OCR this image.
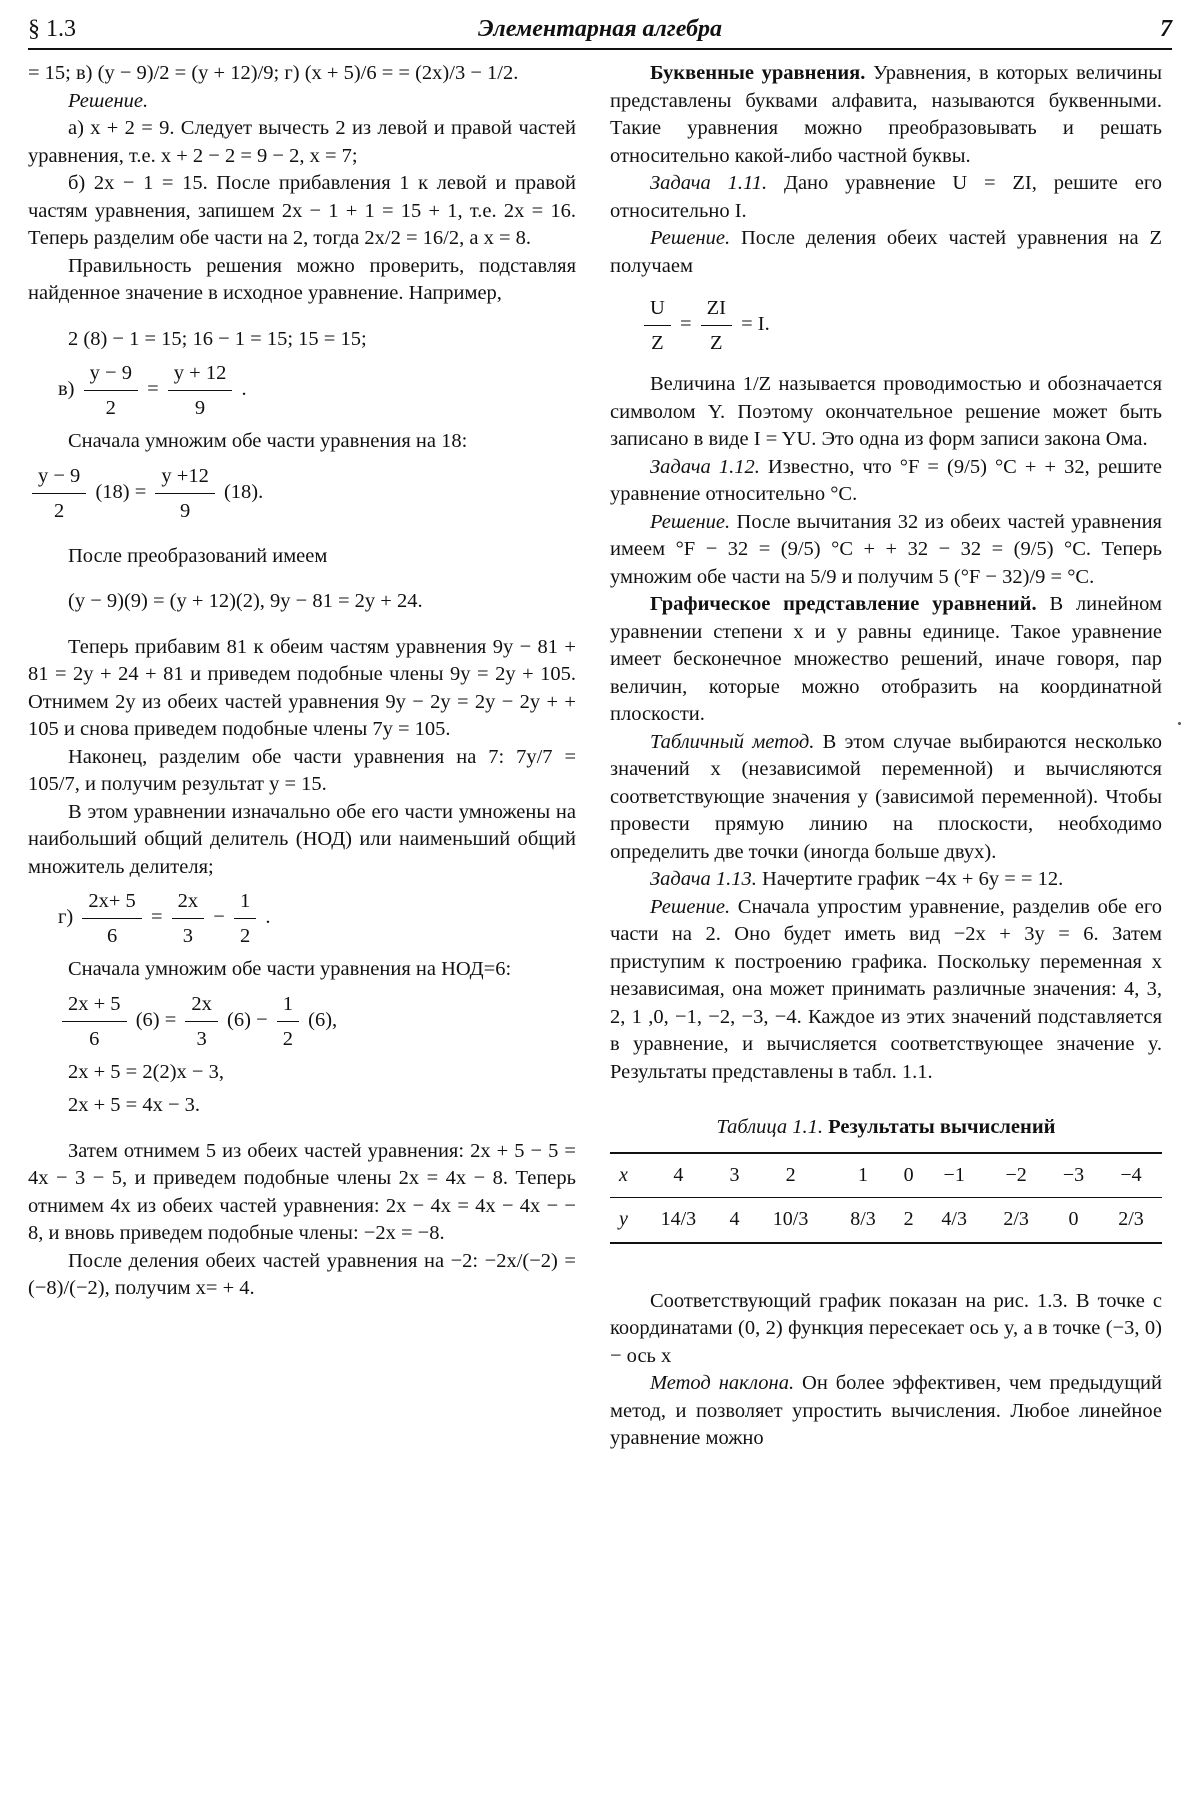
§ 1.3	Элементарная алгебра	7

= 15; в) (y − 9)/2 = (y + 12)/9; г) (x + 5)/6 = = (2x)/3 − 1/2.

Решение.

а) x + 2 = 9. Следует вычесть 2 из левой и правой частей уравнения, т.е. x + 2 − 2 = 9 − 2, x = 7;

б) 2x − 1 = 15. После прибавления 1 к левой и правой частям уравнения, запишем 2x − 1 + 1 = 15 + 1, т.е. 2x = 16. Теперь разделим обе части на 2, тогда 2x/2 = 16/2, а x = 8.

Правильность решения можно проверить, подставляя найденное значение в исходное уравнение. Например,

2 (8) − 1 = 15; 16 − 1 = 15; 15 = 15;
$в) \frac{y - 9}{2} = \frac{y + 12}{9}$ .

Сначала умножим обе части уравнения на 18:

$\frac{y - 9}{2} (18) = \frac{y +12}{9} (18)$.

После преобразований имеем

(y − 9)(9) = (y + 12)(2), 9y − 81 = 2y + 24.

Теперь прибавим 81 к обеим частям уравнения 9y − 81 + 81 = 2y + 24 + 81 и приведем подобные члены 9y = 2y + 105. Отнимем 2y из обеих частей уравнения 9y − 2y = 2y − 2y + + 105 и снова приведем подобные члены 7y = 105.

Наконец, разделим обе части уравнения на 7: 7y/7 = 105/7, и получим результат y = 15.

В этом уравнении изначально обе его части умножены на наибольший общий делитель (НОД) или наименьший общий множитель делителя;

$г) \frac{2x+ 5}{6} = \frac{2x}{3} - \frac{1}{2}$ .

Сначала умножим обе части уравнения на НОД=6:

$\frac{2x + 5}{6} (6) = \frac{2x}{3} (6) - \frac{1}{2} (6)$,
2x + 5 = 2(2)x − 3,
2x + 5 = 4x − 3.

Затем отнимем 5 из обеих частей уравнения: 2x + 5 − 5 = 4x − 3 − 5, и приведем подобные члены 2x = 4x − 8. Теперь отнимем 4x из обеих частей уравнения: 2x − 4x = 4x − 4x − − 8, и вновь приведем подобные члены: −2x = −8.

После деления обеих частей уравнения на −2: −2x/(−2) = (−8)/(−2), получим x= + 4.

Буквенные уравнения. Уравнения, в которых величины представлены буквами алфавита, называются буквенными. Такие уравнения можно преобразовывать и решать относительно какой-либо частной буквы.

Задача 1.11. Дано уравнение U = ZI, решите его относительно I.

Решение. После деления обеих частей уравнения на Z получаем

$\frac{U}{Z} = \frac{ZI}{Z} = I$.

Величина 1/Z называется проводимостью и обозначается символом Y. Поэтому окончательное решение может быть записано в виде I = YU. Это одна из форм записи закона Ома.

Задача 1.12. Известно, что °F = (9/5) °C + + 32, решите уравнение относительно °C.

Решение. После вычитания 32 из обеих частей уравнения имеем °F − 32 = (9/5) °C + + 32 − 32 = (9/5) °C. Теперь умножим обе части на 5/9 и получим 5 (°F − 32)/9 = °C.

Графическое представление уравнений. В линейном уравнении степени x и y равны единице. Такое уравнение имеет бесконечное множество решений, иначе говоря, пар величин, которые можно отобразить на координатной плоскости.

Табличный метод. В этом случае выбираются несколько значений x (независимой переменной) и вычисляются соответствующие значения y (зависимой переменной). Чтобы провести прямую линию на плоскости, необходимо определить две точки (иногда больше двух).

Задача 1.13. Начертите график −4x + 6y = = 12.

Решение. Сначала упростим уравнение, разделив обе его части на 2. Оно будет иметь вид −2x + 3y = 6. Затем приступим к построению графика. Поскольку переменная x независимая, она может принимать различные значения: 4, 3, 2, 1 ,0, −1, −2, −3, −4. Каждое из этих значений подставляется в уравнение, и вычисляется соответствующее значение y. Результаты представлены в табл. 1.1.

Таблица 1.1. Результаты вычислений
x	4	3	2	1	0	−1	−2	−3	−4
y	14/3	4	10/3	8/3	2	4/3	2/3	0	2/3

Соответствующий график показан на рис. 1.3. В точке с координатами (0, 2) функция пересекает ось y, а в точке (−3, 0) − ось x

Метод наклона. Он более эффективен, чем предыдущий метод, и позволяет упростить вычисления. Любое линейное уравнение можно
